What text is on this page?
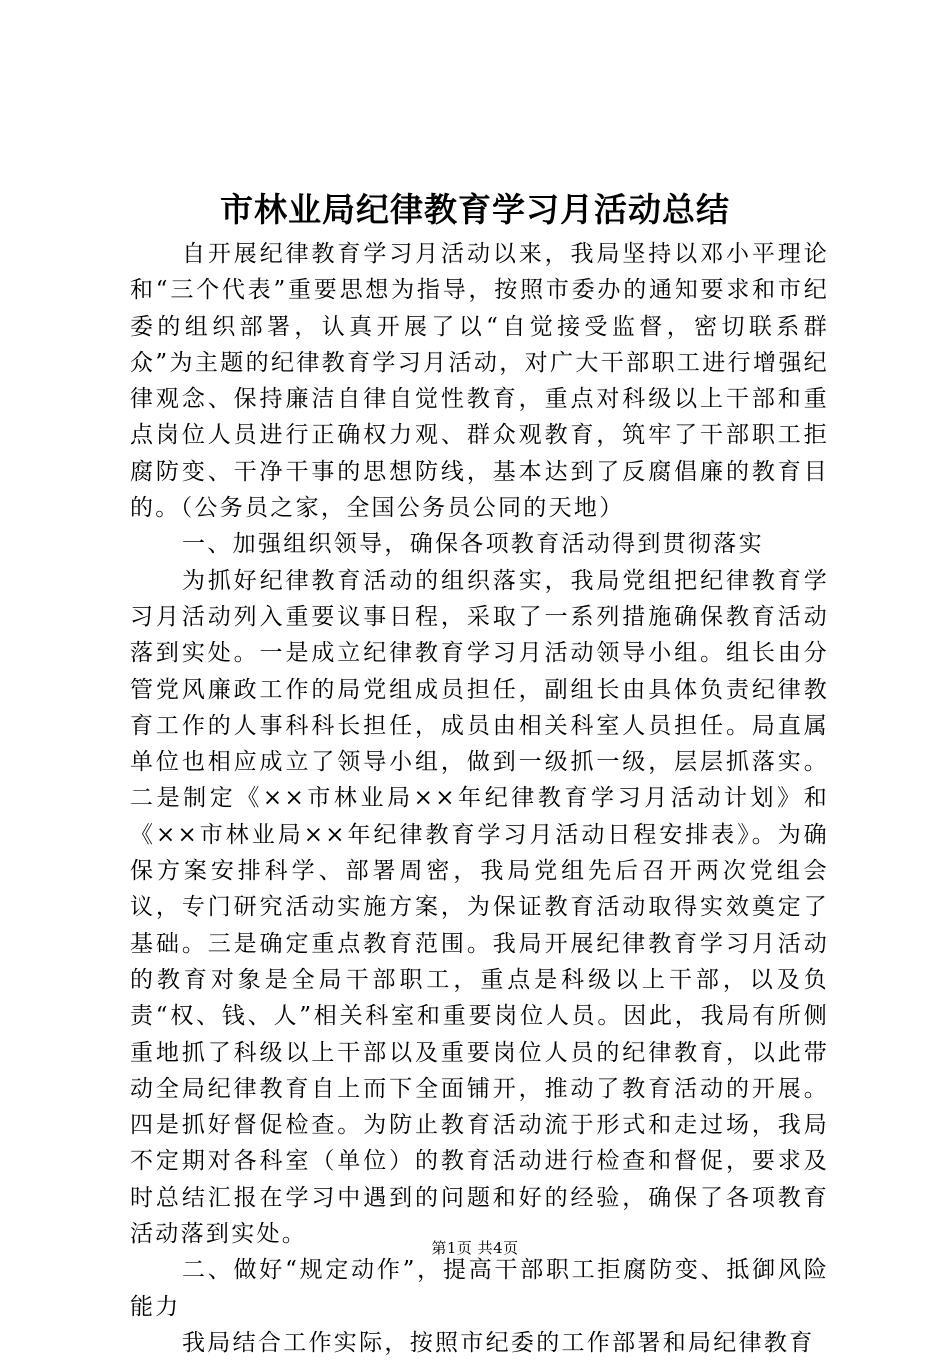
市林业局纪律教育学习月活动总结

自开展纪律教育学习月活动以来，我局坚持以邓小平理论和“三个代表”重要思想为指导，按照市委办的通知要求和市纪委的组织部署，认真开展了以“自觉接受监督，密切联系群众”为主题的纪律教育学习月活动，对广大干部职工进行增强纪律观念、保持廉洁自律自觉性教育，重点对科级以上干部和重点岗位人员进行正确权力观、群众观教育，筑牢了干部职工拒腐防变、干净干事的思想防线，基本达到了反腐倡廉的教育目的。（公务员之家，全国公务员公同的天地）

一、加强组织领导，确保各项教育活动得到贯彻落实

为抓好纪律教育活动的组织落实，我局党组把纪律教育学习月活动列入重要议事日程，采取了一系列措施确保教育活动落到实处。一是成立纪律教育学习月活动领导小组。组长由分管党风廉政工作的局党组成员担任，副组长由具体负责纪律教育工作的人事科科长担任，成员由相关科室人员担任。局直属单位也相应成立了领导小组，做到一级抓一级，层层抓落实。二是制定《××市林业局××年纪律教育学习月活动计划》和《××市林业局××年纪律教育学习月活动日程安排表》。为确保方案安排科学、部署周密，我局党组先后召开两次党组会议，专门研究活动实施方案，为保证教育活动取得实效奠定了基础。三是确定重点教育范围。我局开展纪律教育学习月活动的教育对象是全局干部职工，重点是科级以上干部，以及负责“权、钱、人”相关科室和重要岗位人员。因此，我局有所侧重地抓了科级以上干部以及重要岗位人员的纪律教育，以此带动全局纪律教育自上而下全面铺开，推动了教育活动的开展。四是抓好督促检查。为防止教育活动流于形式和走过场，我局不定期对各科室（单位）的教育活动进行检查和督促，要求及时总结汇报在学习中遇到的问题和好的经验，确保了各项教育活动落到实处。

二、做好“规定动作”，提高干部职工拒腐防变、抵御风险能力

我局结合工作实际，按照市纪委的工作部署和局纪律教育

第1页 共4页
